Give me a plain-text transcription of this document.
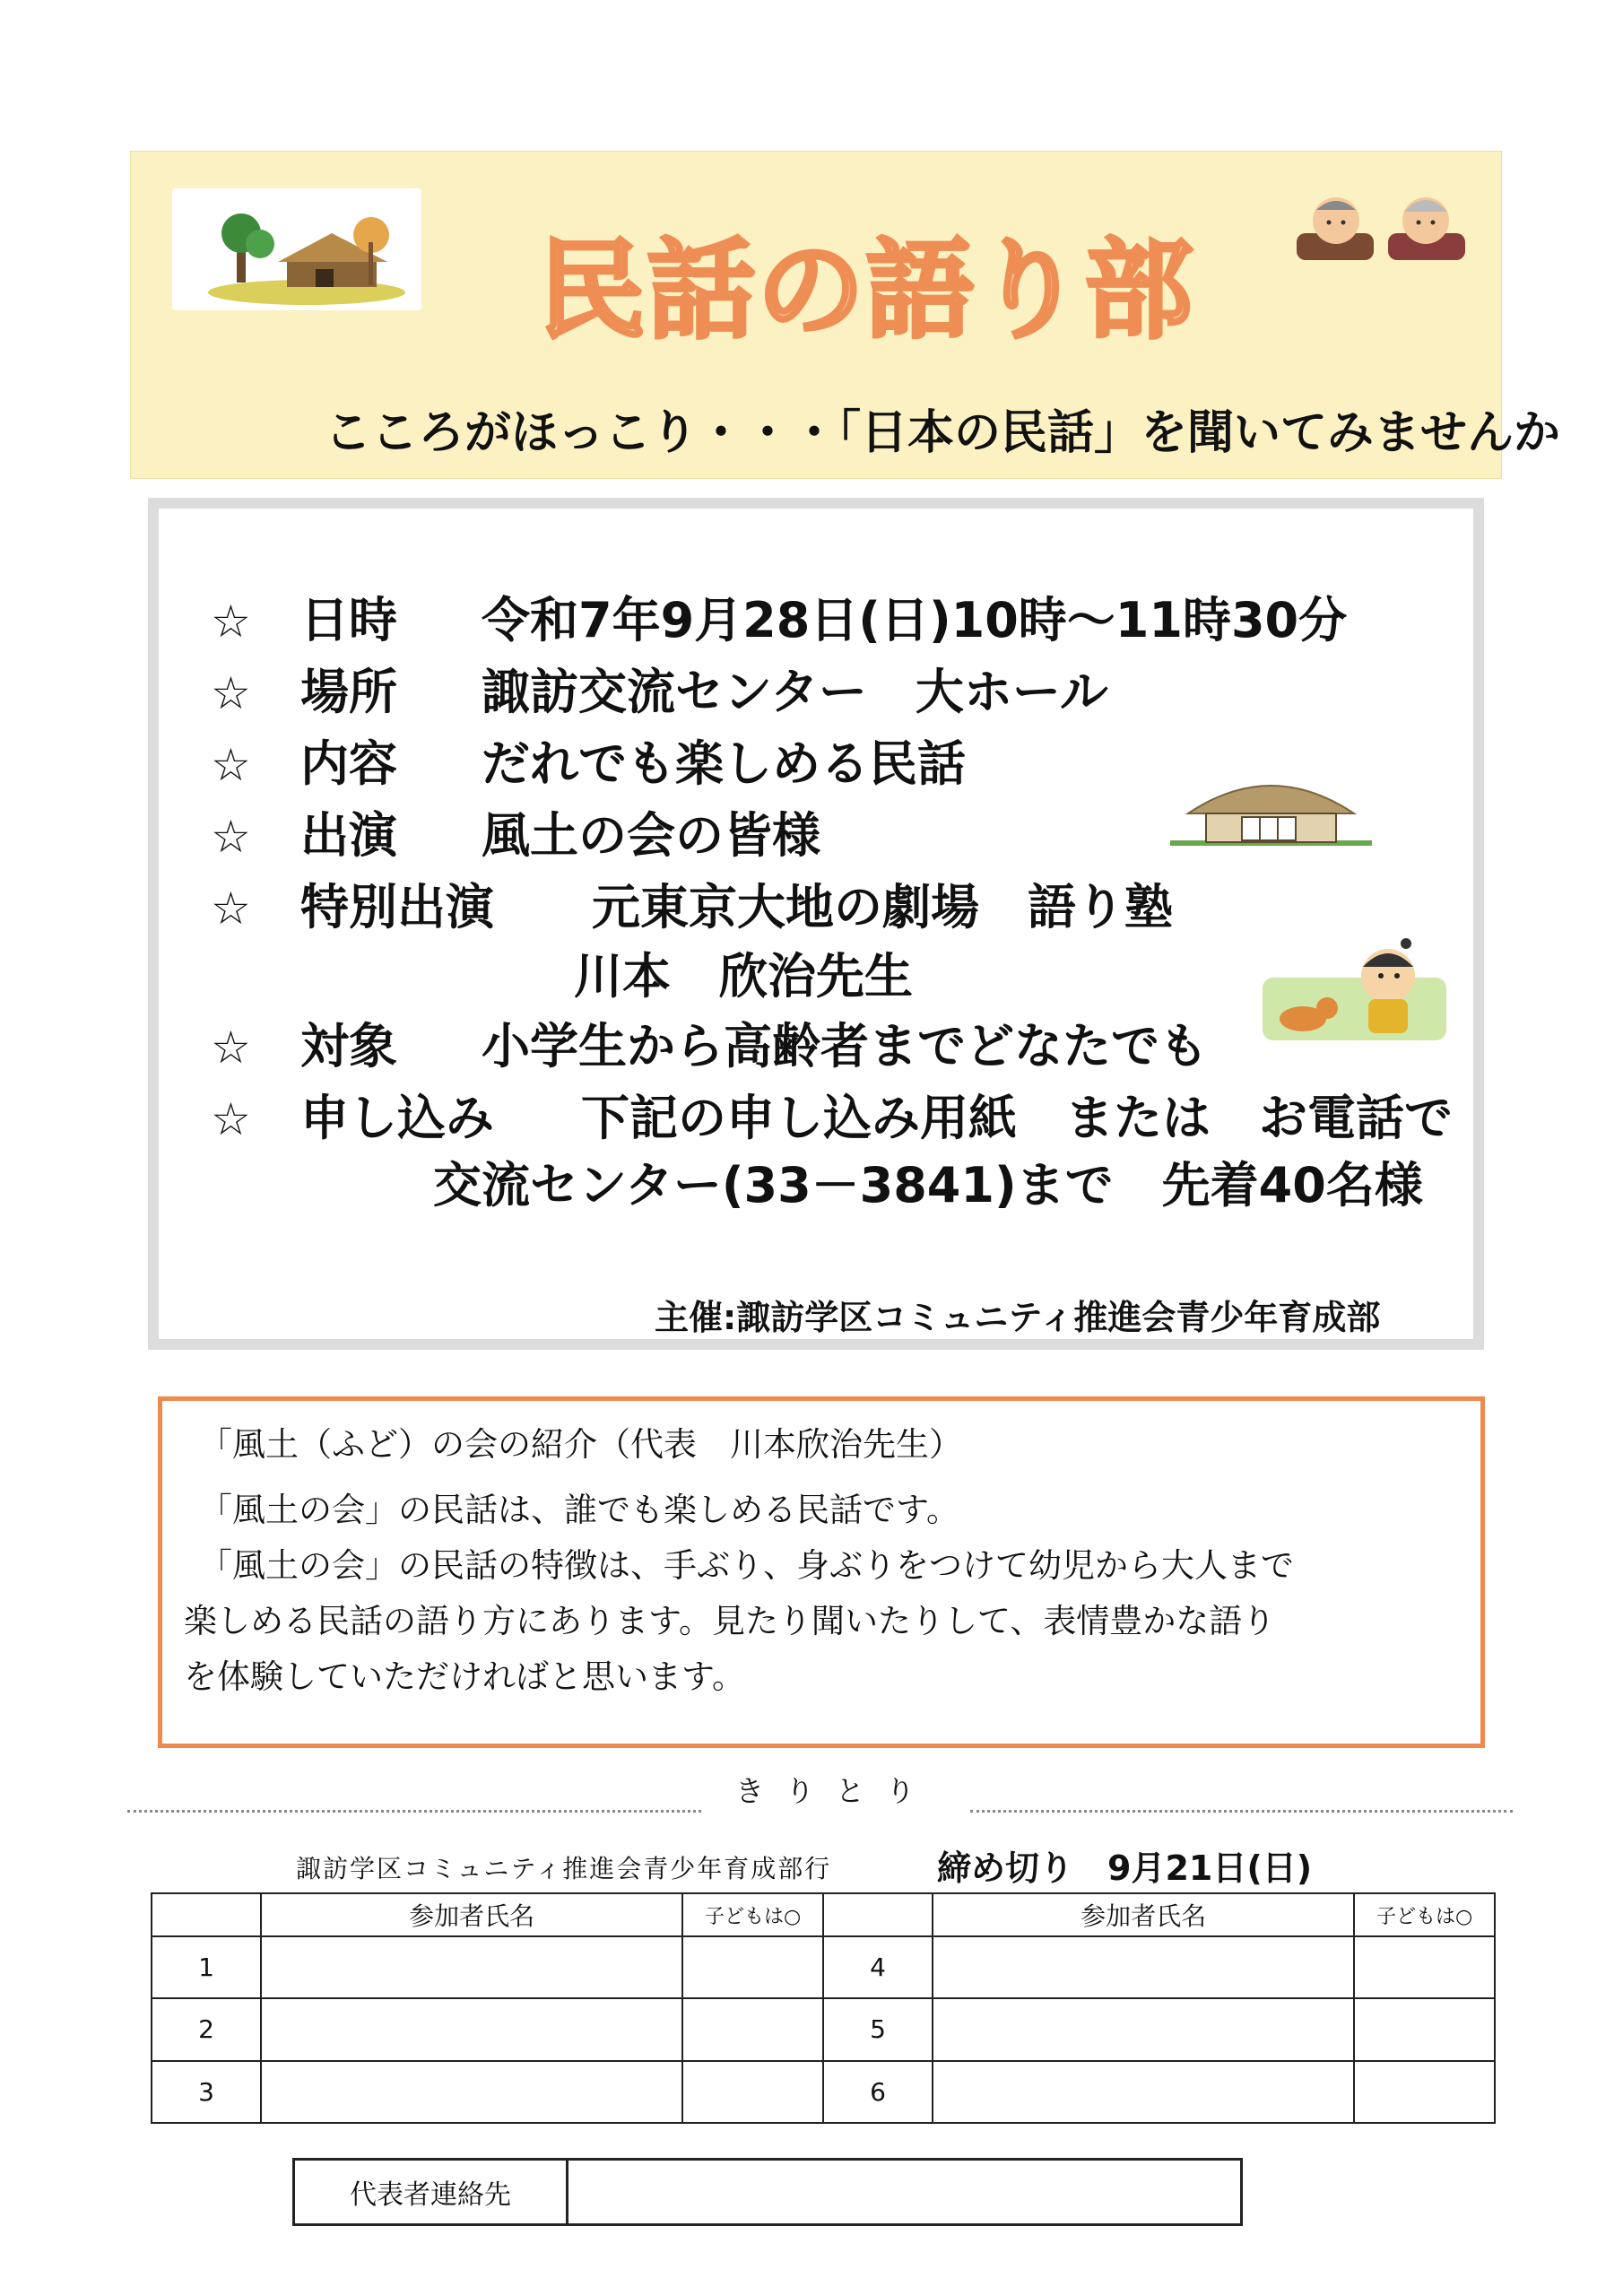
民話の語り部
こころがほっこり・・・「日本の民話」を聞いてみませんか
☆ 日時 令和7年9月28日(日)10時～11時30分
☆ 場所 諏訪交流センター　大ホール
☆ 内容 だれでも楽しめる民話
☆ 出演 風土の会の皆様
☆ 特別出演 元東京大地の劇場　語り塾
川本　欣治先生
☆ 対象 小学生から高齢者までどなたでも
☆ 申し込み 下記の申し込み用紙　または　お電話で
交流センター(33－3841)まで　先着40名様
主催:諏訪学区コミュニティ推進会青少年育成部
「風土（ふど）の会の紹介（代表　川本欣治先生）
「風土の会」の民話は、誰でも楽しめる民話です。
「風土の会」の民話の特徴は、手ぶり、身ぶりをつけて幼児から大人まで
楽しめる民話の語り方にあります。見たり聞いたりして、表情豊かな語り
を体験していただければと思います。
きりとり
諏訪学区コミュニティ推進会青少年育成部行	締め切り　9月21日(日)
	参加者氏名	子どもは○		参加者氏名	子どもは○
1			4		
2			5		
3			6		
代表者連絡先	
